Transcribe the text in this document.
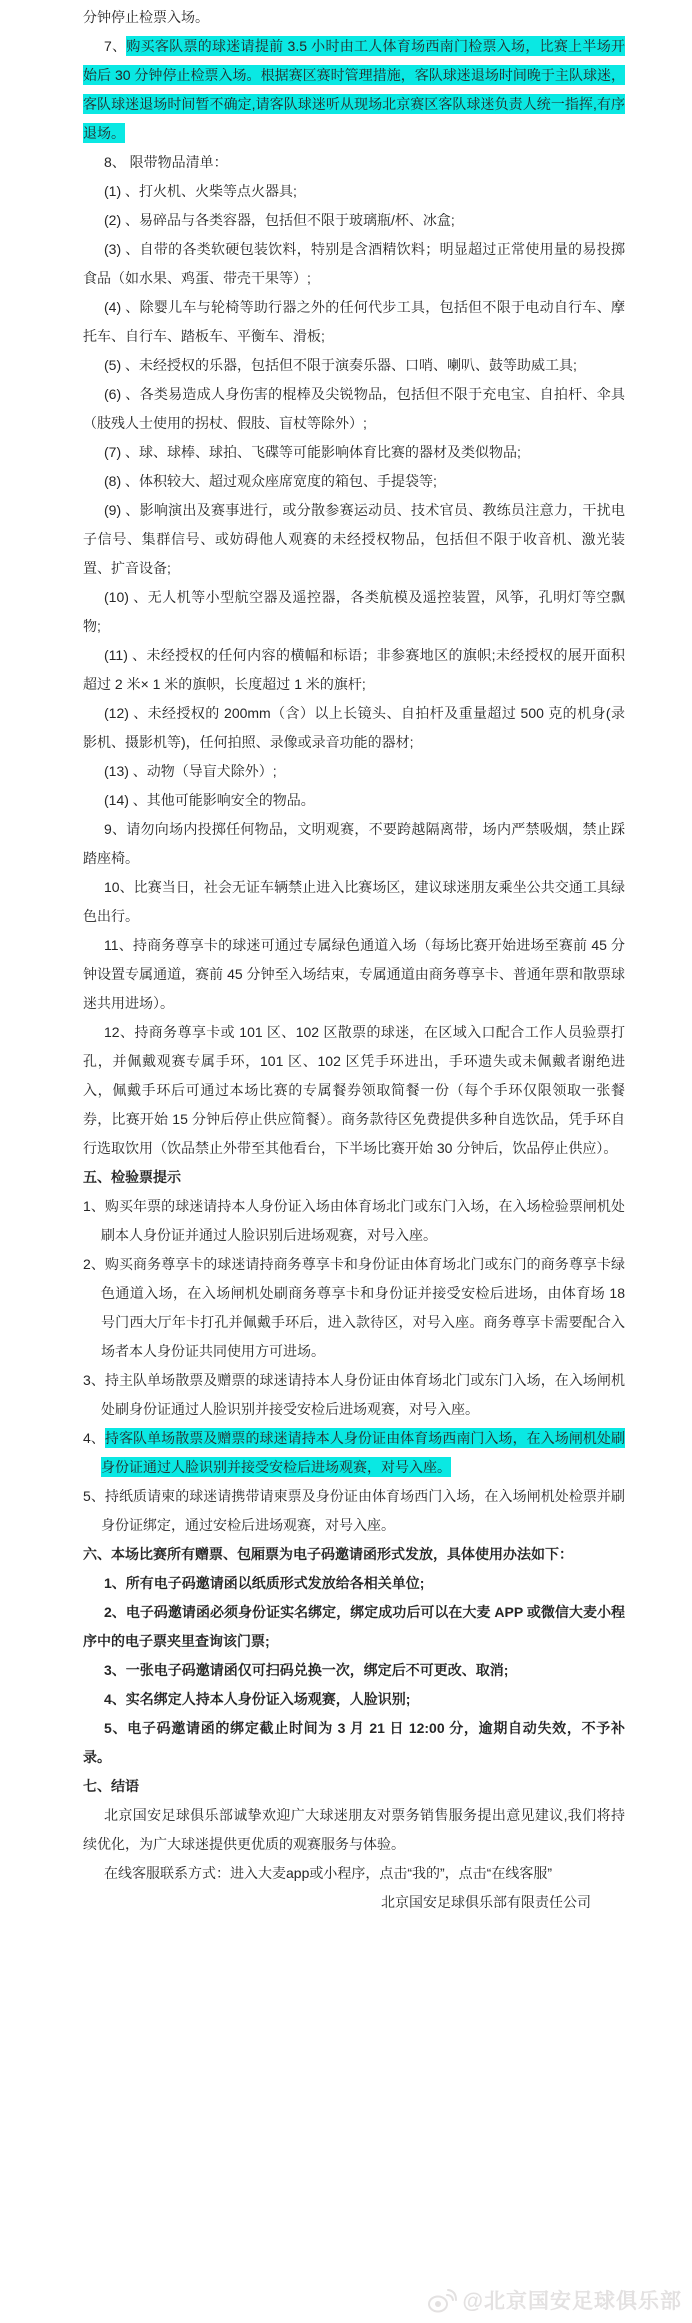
分钟停止检票入场。

7、购买客队票的球迷请提前 3.5 小时由工人体育场西南门检票入场，比赛上半场开始后 30 分钟停止检票入场。根据赛区赛时管理措施，客队球迷退场时间晚于主队球迷，客队球迷退场时间暂不确定,请客队球迷听从现场北京赛区客队球迷负责人统一指挥,有序退场。

8、 限带物品清单：

(1) 、打火机、火柴等点火器具;

(2) 、易碎品与各类容器，包括但不限于玻璃瓶/杯、冰盒;

(3) 、自带的各类软硬包装饮料，特别是含酒精饮料；明显超过正常使用量的易投掷食品（如水果、鸡蛋、带壳干果等）;

(4) 、除婴儿车与轮椅等助行器之外的任何代步工具，包括但不限于电动自行车、摩托车、自行车、踏板车、平衡车、滑板;

(5) 、未经授权的乐器，包括但不限于演奏乐器、口哨、喇叭、鼓等助威工具;

(6) 、各类易造成人身伤害的棍棒及尖锐物品，包括但不限于充电宝、自拍杆、伞具（肢残人士使用的拐杖、假肢、盲杖等除外）;

(7) 、球、球棒、球拍、飞碟等可能影响体育比赛的器材及类似物品;

(8) 、体积较大、超过观众座席宽度的箱包、手提袋等;

(9) 、影响演出及赛事进行，或分散参赛运动员、技术官员、教练员注意力，干扰电子信号、集群信号、或妨碍他人观赛的未经授权物品，包括但不限于收音机、激光装置、扩音设备;

(10) 、无人机等小型航空器及遥控器，各类航模及遥控装置，风筝，孔明灯等空飘物;

(11) 、未经授权的任何内容的横幅和标语；非参赛地区的旗帜;未经授权的展开面积超过 2 米× 1 米的旗帜，长度超过 1 米的旗杆;

(12) 、未经授权的 200mm（含）以上长镜头、自拍杆及重量超过 500 克的机身(录影机、摄影机等)，任何拍照、录像或录音功能的器材;

(13) 、动物（导盲犬除外）;

(14) 、其他可能影响安全的物品。

9、请勿向场内投掷任何物品，文明观赛，不要跨越隔离带，场内严禁吸烟，禁止踩踏座椅。

10、比赛当日，社会无证车辆禁止进入比赛场区，建议球迷朋友乘坐公共交通工具绿色出行。

11、持商务尊享卡的球迷可通过专属绿色通道入场（每场比赛开始进场至赛前 45 分钟设置专属通道，赛前 45 分钟至入场结束，专属通道由商务尊享卡、普通年票和散票球迷共用进场）。

12、持商务尊享卡或 101 区、102 区散票的球迷，在区域入口配合工作人员验票打孔，并佩戴观赛专属手环，101 区、102 区凭手环进出，手环遗失或未佩戴者谢绝进入，佩戴手环后可通过本场比赛的专属餐券领取简餐一份（每个手环仅限领取一张餐券，比赛开始 15 分钟后停止供应简餐）。商务款待区免费提供多种自选饮品，凭手环自行选取饮用（饮品禁止外带至其他看台，下半场比赛开始 30 分钟后，饮品停止供应）。

五、检验票提示

1、购买年票的球迷请持本人身份证入场由体育场北门或东门入场，在入场检验票闸机处刷本人身份证并通过人脸识别后进场观赛，对号入座。

2、购买商务尊享卡的球迷请持商务尊享卡和身份证由体育场北门或东门的商务尊享卡绿色通道入场，在入场闸机处刷商务尊享卡和身份证并接受安检后进场，由体育场 18 号门西大厅年卡打孔并佩戴手环后，进入款待区，对号入座。商务尊享卡需要配合入场者本人身份证共同使用方可进场。

3、持主队单场散票及赠票的球迷请持本人身份证由体育场北门或东门入场，在入场闸机处刷身份证通过人脸识别并接受安检后进场观赛，对号入座。

4、持客队单场散票及赠票的球迷请持本人身份证由体育场西南门入场，在入场闸机处刷身份证通过人脸识别并接受安检后进场观赛，对号入座。

5、持纸质请柬的球迷请携带请柬票及身份证由体育场西门入场，在入场闸机处检票并刷身份证绑定，通过安检后进场观赛，对号入座。

六、本场比赛所有赠票、包厢票为电子码邀请函形式发放，具体使用办法如下：

1、所有电子码邀请函以纸质形式发放给各相关单位;

2、电子码邀请函必须身份证实名绑定，绑定成功后可以在大麦 APP 或微信大麦小程序中的电子票夹里查询该门票;

3、一张电子码邀请函仅可扫码兑换一次，绑定后不可更改、取消;

4、实名绑定人持本人身份证入场观赛，人脸识别;

5、电子码邀请函的绑定截止时间为 3 月 21 日 12:00 分，逾期自动失效，不予补录。

七、结语

北京国安足球俱乐部诚挚欢迎广大球迷朋友对票务销售服务提出意见建议,我们将持续优化，为广大球迷提供更优质的观赛服务与体验。

在线客服联系方式：进入大麦app或小程序，点击“我的”，点击“在线客服”

北京国安足球俱乐部有限责任公司

@北京国安足球俱乐部
